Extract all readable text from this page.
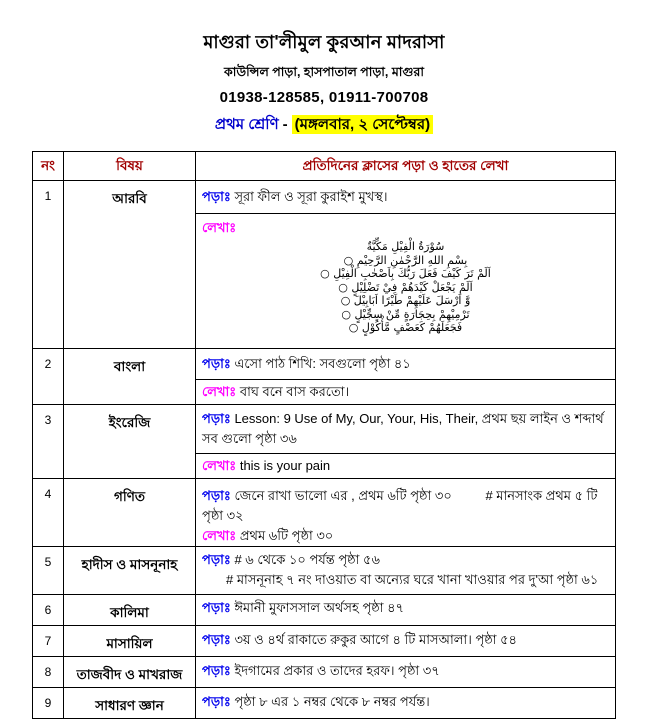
মাগুরা তা'লীমুল কুরআন মাদরাসা
কাউন্সিল পাড়া, হাসপাতাল পাড়া, মাগুরা
01938-128585, 01911-700708
প্রথম শ্রেণি - (মঙ্গলবার, ২ সেপ্টেম্বর)
নং	বিষয়	প্রতিদিনের ক্লাসের পড়া ও হাতের লেখা
1	আরবি	পড়াঃ সূরা ফীল ও সূরা কুরাইশ মুখস্থ।
লেখাঃ
سُوْرَةُ الْفِيْلِ مَكِّيَّةٌ
بِسْمِ اللهِ الرَّحْمٰنِ الرَّحِيْمِ ○
اَلَمْ تَرَ كَيْفَ فَعَلَ رَبُّكَ بِاَصْحٰبِ الْفِيْلِ ○
اَلَمْ يَجْعَلْ كَيْدَهُمْ فِيْ تَضْلِيْلٍ ○
وَّ اَرْسَلَ عَلَيْهِمْ طَيْرًا اَبَابِيْلَ ○
تَرْمِيْهِمْ بِحِجَارَةٍ مِّنْ سِجِّيْلٍ ○
فَجَعَلَهُمْ كَعَصْفٍ مَّأْكُوْلٍ ○
2	বাংলা	পড়াঃ এসো পাঠ শিখি: সবগুলো পৃষ্ঠা ৪১
লেখাঃ বাঘ বনে বাস করতো।
3	ইংরেজি	পড়াঃ Lesson: 9 Use of My, Our, Your, His, Their, প্রথম ছয় লাইন ও শব্দার্থ সব গুলো পৃষ্ঠা ৩৬
লেখাঃ this is your pain
4	গণিত	পড়াঃ জেনে রাখা ভালো এর , প্রথম ৬টি পৃষ্ঠা ৩০	# মানসাংক প্রথম ৫ টি পৃষ্ঠা ৩২
লেখাঃ প্রথম ৬টি পৃষ্ঠা ৩০
5	হাদীস ও মাসনূনাহ	পড়াঃ # ৬ থেকে ১০ পর্যন্ত পৃষ্ঠা ৫৬
# মাসনূনাহ ৭ নং দাওয়াত বা অন্যের ঘরে খানা খাওয়ার পর দু'আ পৃষ্ঠা ৬১
6	কালিমা	পড়াঃ ঈমানী মুফাসসাল অর্থসহ পৃষ্ঠা ৪৭
7	মাসায়িল	পড়াঃ ৩য় ও ৪র্থ রাকাতে রুকুর আগে ৪ টি মাসআলা। পৃষ্ঠা ৫৪
8	তাজবীদ ও মাখরাজ	পড়াঃ ইদগামের প্রকার ও তাদের হরফ। পৃষ্ঠা ৩৭
9	সাধারণ জ্ঞান	পড়াঃ পৃষ্ঠা ৮ এর ১ নম্বর থেকে ৮ নম্বর পর্যন্ত।
